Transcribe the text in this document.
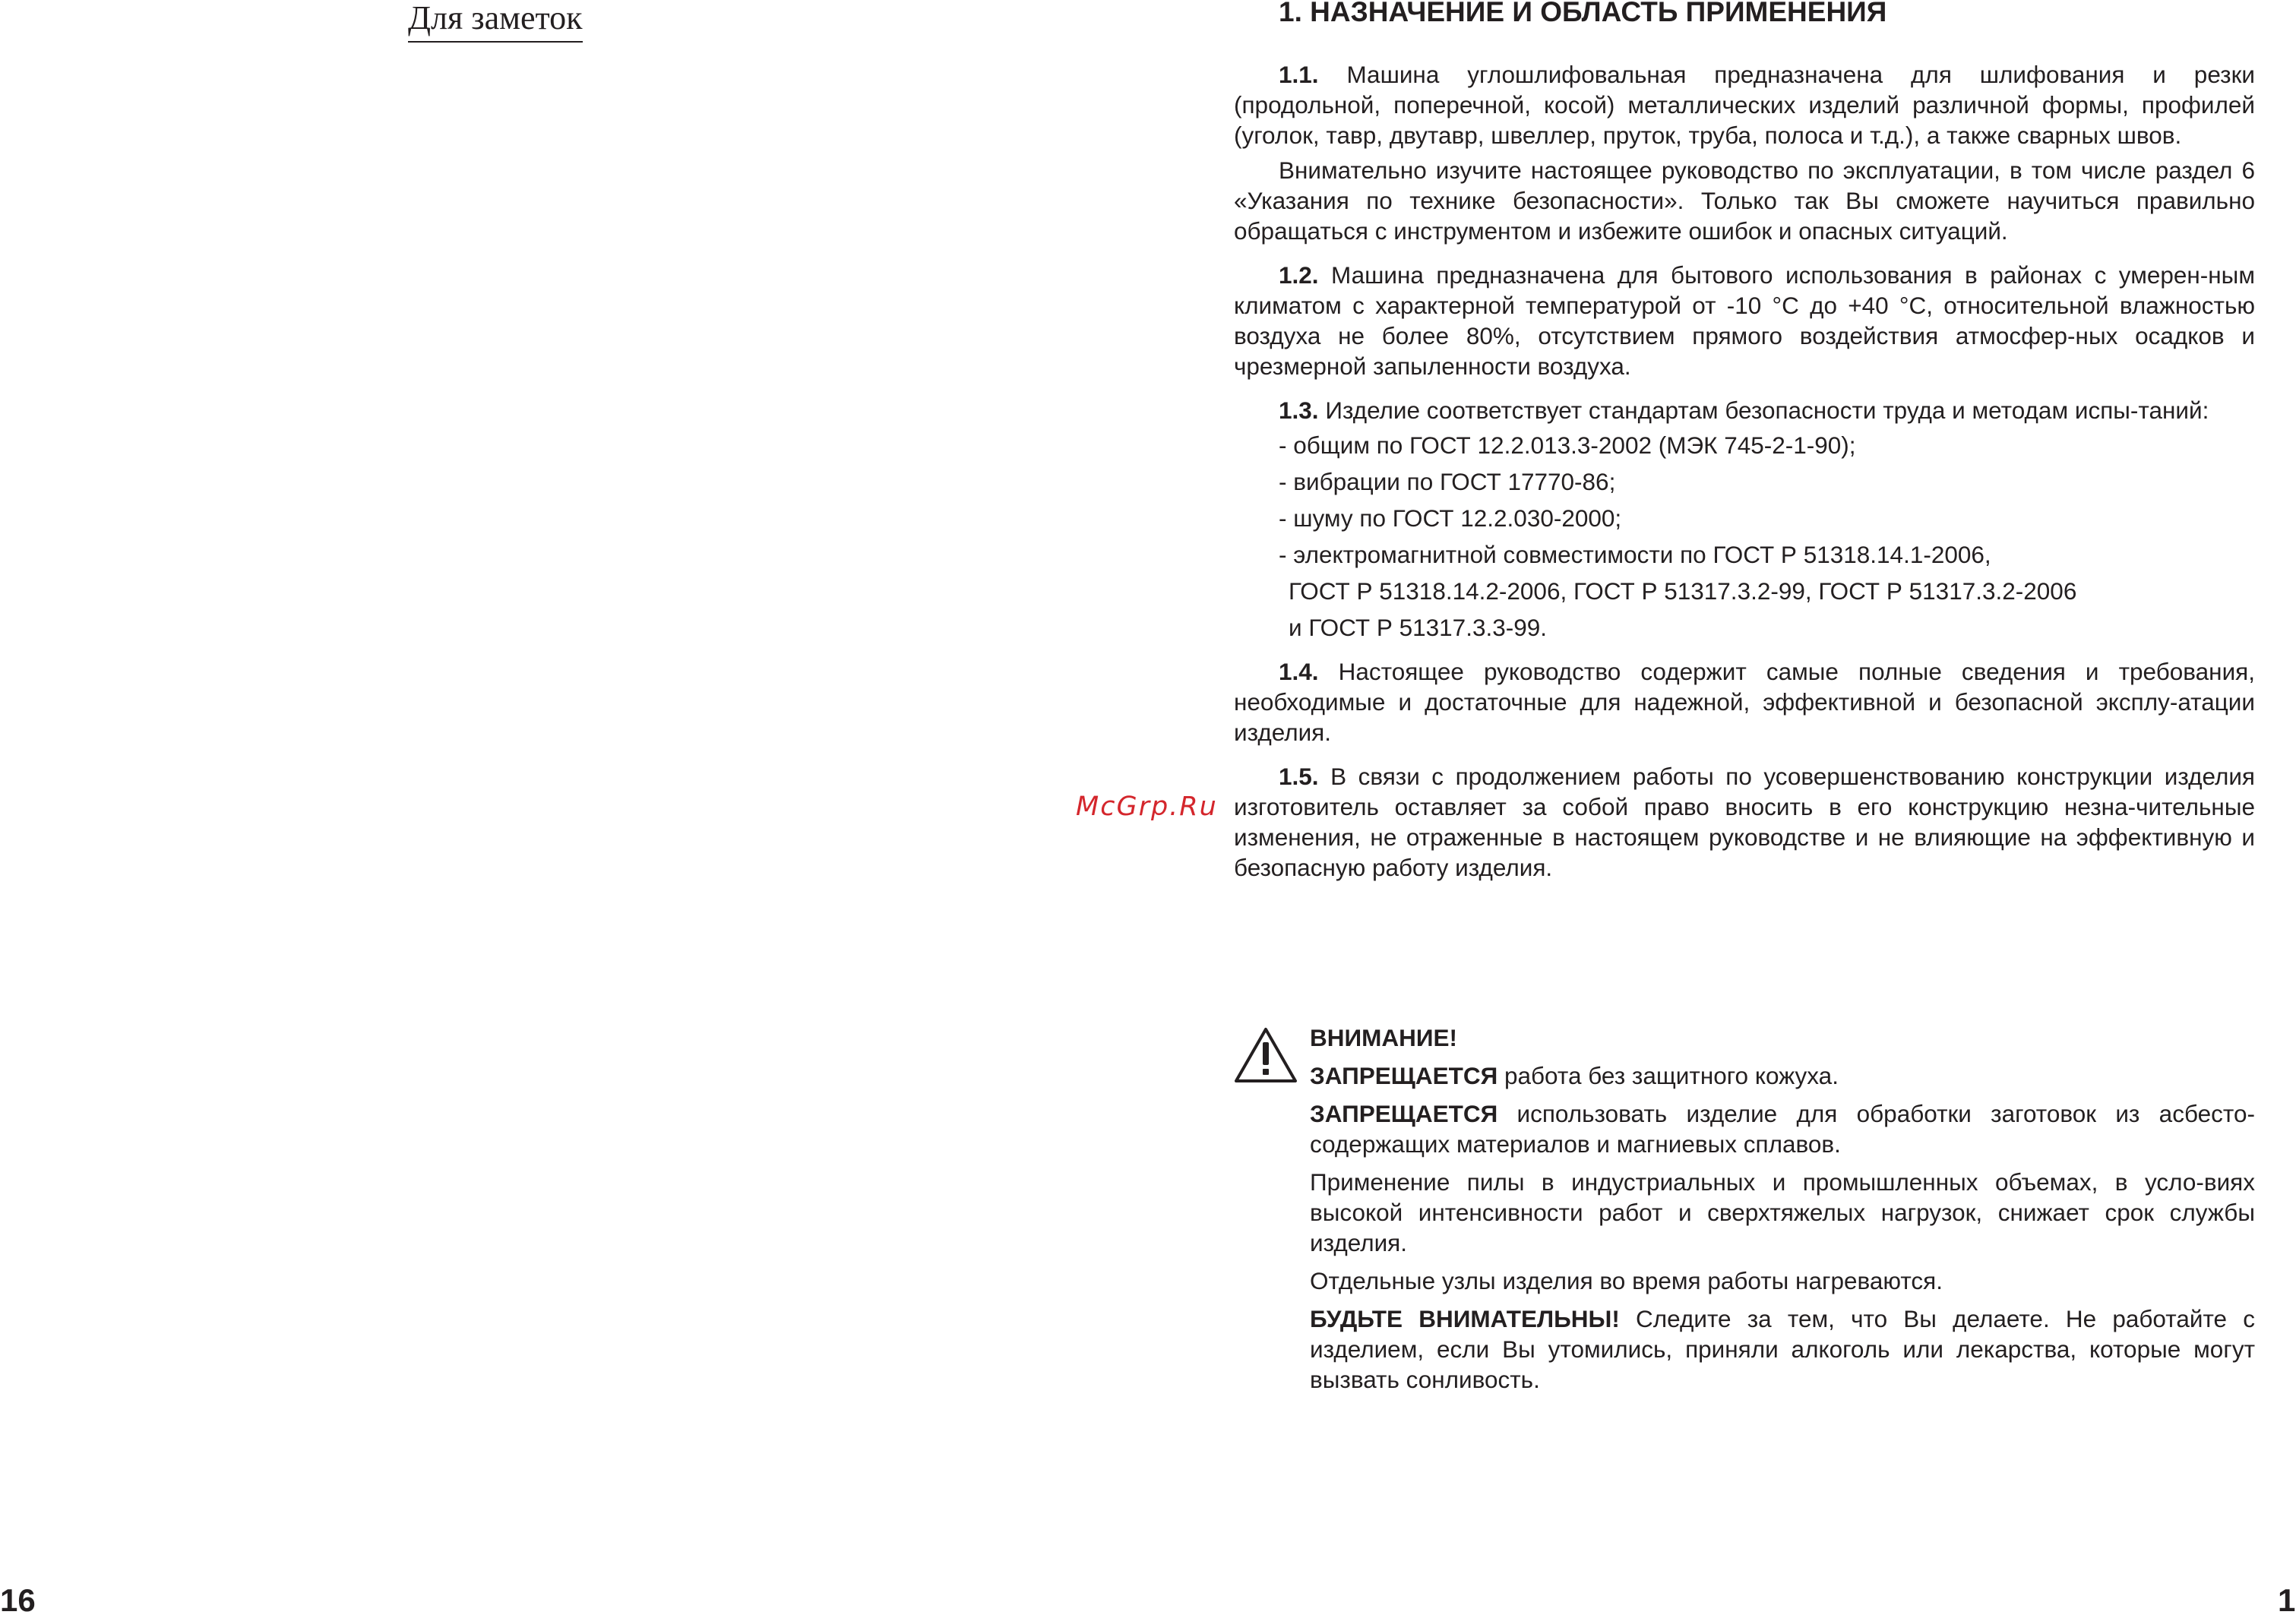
Для заметок
16
McGrp.Ru
1. НАЗНАЧЕНИЕ И ОБЛАСТЬ ПРИМЕНЕНИЯ

1.1. Машина углошлифовальная предназначена для шлифования и резки (продольной, поперечной, косой) металлических изделий различной формы, профилей (уголок, тавр, двутавр, швеллер, пруток, труба, полоса и т.д.), а также сварных швов.

Внимательно изучите настоящее руководство по эксплуатации, в том числе раздел 6 «Указания по технике безопасности». Только так Вы сможете научиться правильно обращаться с инструментом и избежите ошибок и опасных ситуаций.

1.2. Машина предназначена для бытового использования в районах с умерен-ным климатом с характерной температурой от -10 °С до +40 °С, относительной влажностью воздуха не более 80%, отсутствием прямого воздействия атмосфер-ных осадков и чрезмерной запыленности воздуха.

1.3. Изделие соответствует стандартам безопасности труда и методам испы-таний:

- общим по ГОСТ 12.2.013.3-2002 (МЭК 745-2-1-90);
- вибрации по ГОСТ 17770-86;
- шуму по ГОСТ 12.2.030-2000;
- электромагнитной совместимости по ГОСТ Р 51318.14.1-2006,
ГОСТ Р 51318.14.2-2006, ГОСТ Р 51317.3.2-99, ГОСТ Р 51317.3.2-2006
и ГОСТ Р 51317.3.3-99.

1.4. Настоящее руководство содержит самые полные сведения и требования, необходимые и достаточные для надежной, эффективной и безопасной эксплу-атации изделия.

1.5. В связи с продолжением работы по усовершенствованию конструкции изделия изготовитель оставляет за собой право вносить в его конструкцию незна-чительные изменения, не отраженные в настоящем руководстве и не влияющие на эффективную и безопасную работу изделия.

ВНИМАНИЕ!

ЗАПРЕЩАЕТСЯ работа без защитного кожуха.

ЗАПРЕЩАЕТСЯ использовать изделие для обработки заготовок из асбесто-содержащих материалов и магниевых сплавов.

Применение пилы в индустриальных и промышленных объемах, в усло-виях высокой интенсивности работ и сверхтяжелых нагрузок, снижает срок службы изделия.

Отдельные узлы изделия во время работы нагреваются.

БУДЬТЕ ВНИМАТЕЛЬНЫ! Следите за тем, что Вы делаете. Не работайте с изделием, если Вы утомились, приняли алкоголь или лекарства, которые могут вызвать сонливость.

1
